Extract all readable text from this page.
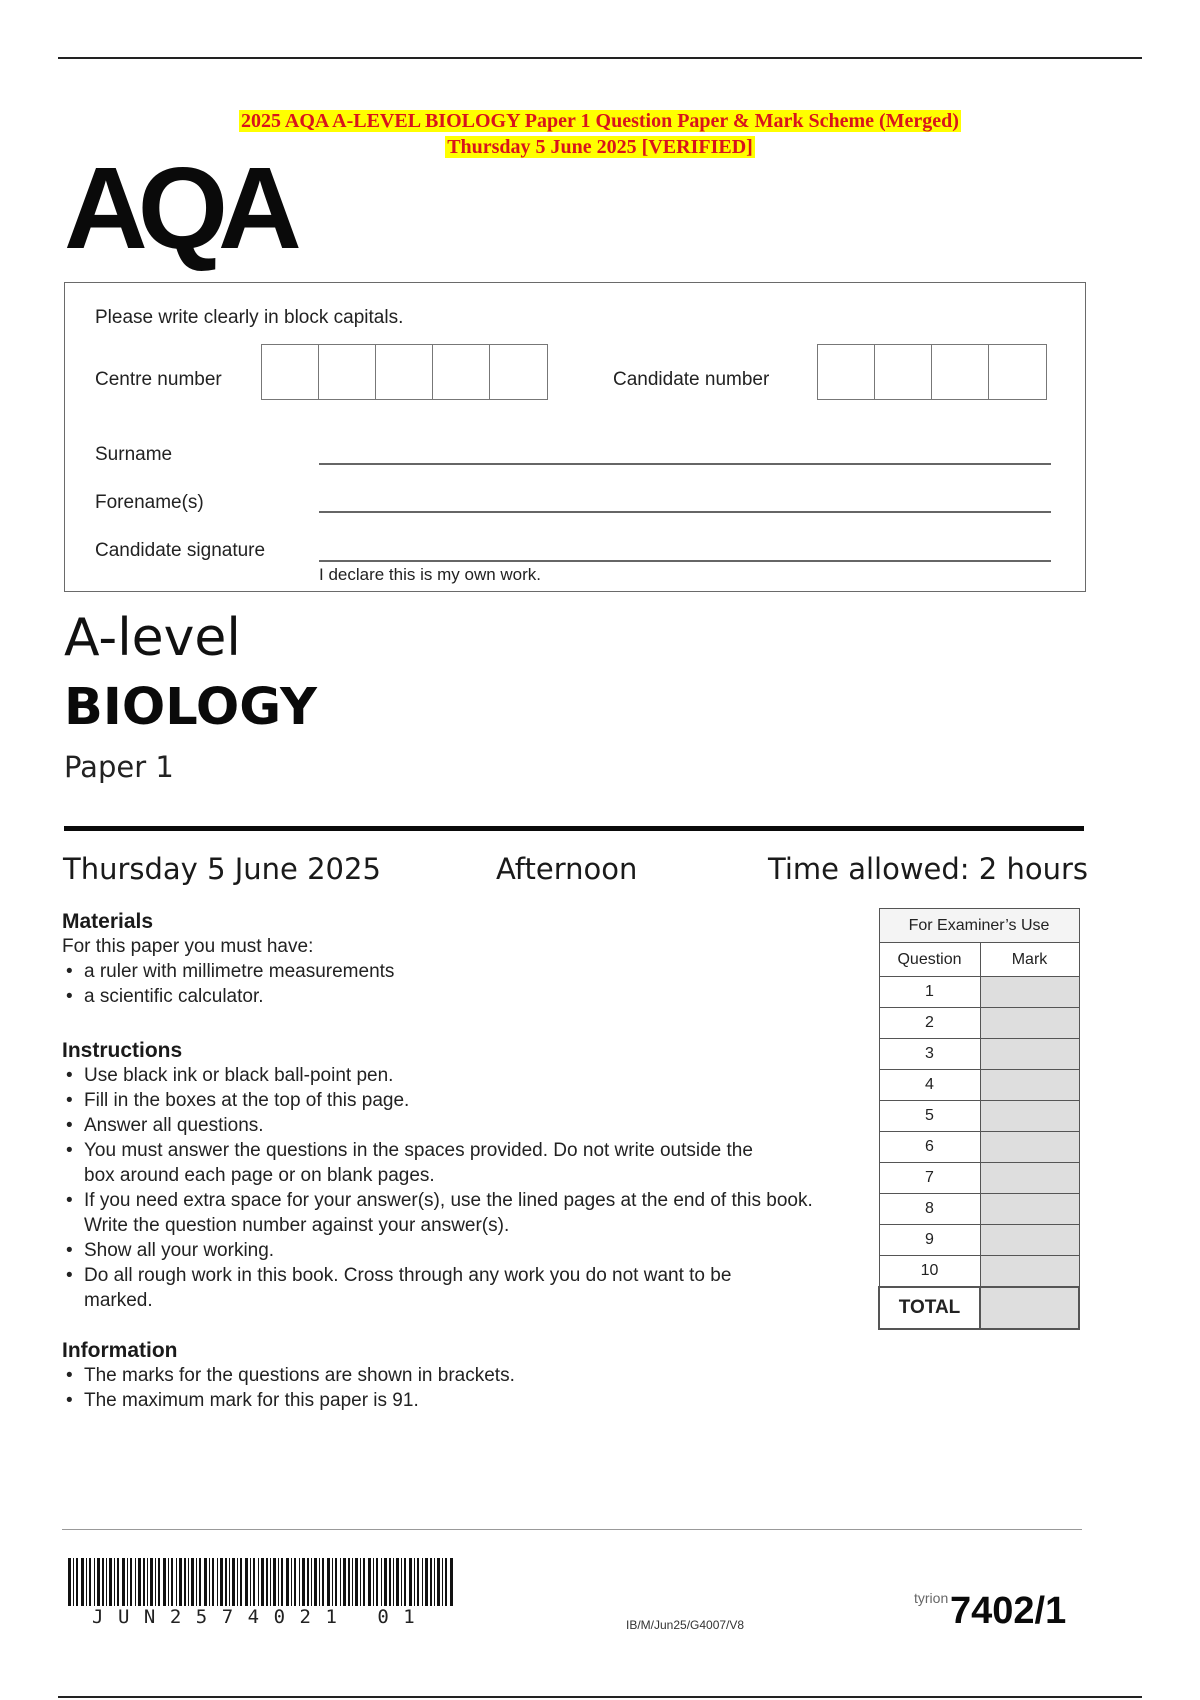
2025 AQA A-LEVEL BIOLOGY Paper 1 Question Paper & Mark Scheme (Merged)
Thursday 5 June 2025 [VERIFIED]
AQA
Please write clearly in block capitals.
Centre number	Candidate number
Surname
Forename(s)
Candidate signature
I declare this is my own work.
A-level
BIOLOGY
Paper 1
Thursday 5 June 2025	Afternoon	Time allowed: 2 hours
Materials
For this paper you must have:
• a ruler with millimetre measurements
• a scientific calculator.
Instructions
• Use black ink or black ball-point pen.
• Fill in the boxes at the top of this page.
• Answer all questions.
• You must answer the questions in the spaces provided. Do not write outside the box around each page or on blank pages.
• If you need extra space for your answer(s), use the lined pages at the end of this book. Write the question number against your answer(s).
• Show all your working.
• Do all rough work in this book. Cross through any work you do not want to be marked.
Information
• The marks for the questions are shown in brackets.
• The maximum mark for this paper is 91.
For Examiner’s Use	
Question	Mark
1	
2	
3	
4	
5	
6	
7	
8	
9	
10	
TOTAL	
JUN2574021 01	IB/M/Jun25/G4007/V8
tyrion 7402/1
